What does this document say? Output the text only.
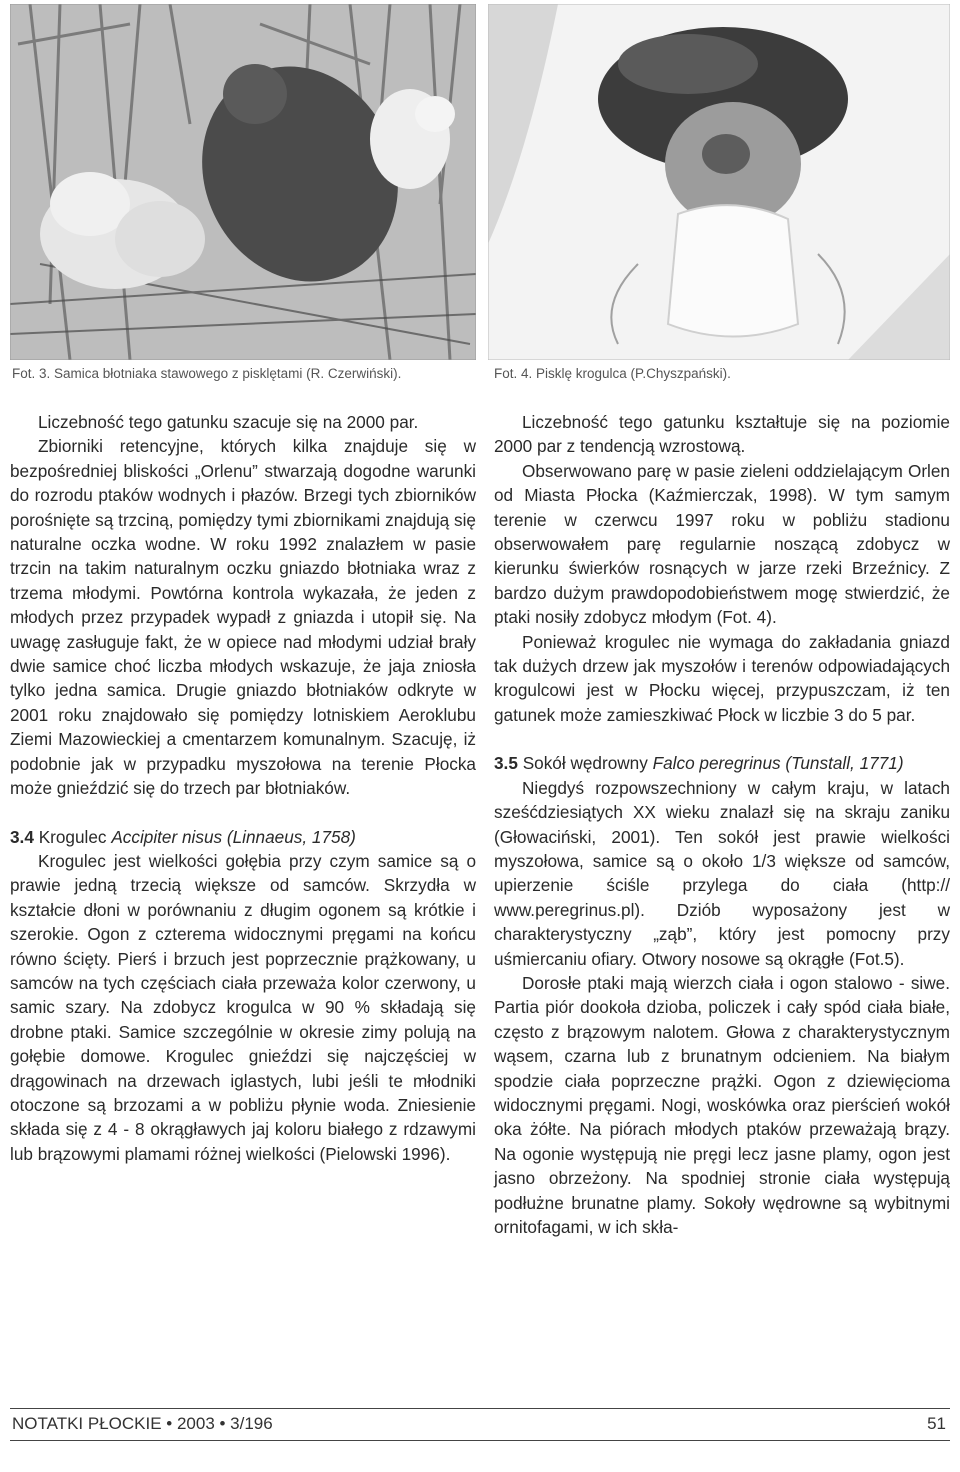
Fot. 3. Samica błotniaka stawowego z pisklętami (R. Czerwiński).	Fot. 4. Pisklę krogulca (P.Chyszpański).

Liczebność tego gatunku szacuje się na 2000 par.

Zbiorniki retencyjne, których kilka znajduje się w bezpośredniej bliskości „Orlenu” stwarzają dogodne warunki do rozrodu ptaków wodnych i płazów. Brzegi tych zbiorników porośnięte są trzciną, pomiędzy tymi zbiornikami znajdują się naturalne oczka wodne. W roku 1992 znalazłem w pasie trzcin na takim naturalnym oczku gniazdo błotniaka wraz z trzema młodymi. Powtórna kontrola wykazała, że jeden z młodych przez przypadek wypadł z gniazda i utopił się. Na uwagę zasługuje fakt, że w opiece nad młodymi udział brały dwie samice choć liczba młodych wskazuje, że jaja zniosła tylko jedna samica. Drugie gniazdo błotniaków odkryte w 2001 roku znajdowało się pomiędzy lotniskiem Aeroklubu Ziemi Mazowieckiej a cmentarzem komunalnym. Szacuję, iż podobnie jak w przypadku myszołowa na terenie Płocka może gnieździć się do trzech par błotniaków.

3.4 Krogulec Accipiter nisus (Linnaeus, 1758)

Krogulec jest wielkości gołębia przy czym samice są o prawie jedną trzecią większe od samców. Skrzydła w kształcie dłoni w porównaniu z długim ogonem są krótkie i szerokie. Ogon z czterema widocznymi pręgami na końcu równo ścięty. Pierś i brzuch jest poprzecznie prążkowany, u samców na tych częściach ciała przeważa kolor czerwony, u samic szary. Na zdobycz krogulca w 90 % składają się drobne ptaki. Samice szczególnie w okresie zimy polują na gołębie domowe. Krogulec gnieździ się najczęściej w drągowinach na drzewach iglastych, lubi jeśli te młodniki otoczone są brzozami a w pobliżu płynie woda. Zniesienie składa się z 4 - 8 okrągławych jaj koloru białego z rdzawymi lub brązowymi plamami różnej wielkości (Pielowski 1996).

Liczebność tego gatunku kształtuje się na poziomie 2000 par z tendencją wzrostową.

Obserwowano parę w pasie zieleni oddzielającym Orlen od Miasta Płocka (Kaźmierczak, 1998). W tym samym terenie w czerwcu 1997 roku w pobliżu stadionu obserwowałem parę regularnie noszącą zdobycz w kierunku świerków rosnących w jarze rzeki Brzeźnicy. Z bardzo dużym prawdopodobieństwem mogę stwierdzić, że ptaki nosiły zdobycz młodym (Fot. 4).

Ponieważ krogulec nie wymaga do zakładania gniazd tak dużych drzew jak myszołów i terenów odpowiadających krogulcowi jest w Płocku więcej, przypuszczam, iż ten gatunek może zamieszkiwać Płock w liczbie 3 do 5 par.

3.5 Sokół wędrowny Falco peregrinus (Tunstall, 1771)

Niegdyś rozpowszechniony w całym kraju, w latach sześćdziesiątych XX wieku znalazł się na skraju zaniku (Głowaciński, 2001). Ten sokół jest prawie wielkości myszołowa, samice są o około 1/3 większe od samców, upierzenie ściśle przylega do ciała (http:// www.peregrinus.pl). Dziób wyposażony jest w charakterystyczny „ząb”, który jest pomocny przy uśmiercaniu ofiary. Otwory nosowe są okrągłe (Fot.5).

Dorosłe ptaki mają wierzch ciała i ogon stalowo - siwe. Partia piór dookoła dzioba, policzek i cały spód ciała białe, często z brązowym nalotem. Głowa z charakterystycznym wąsem, czarna lub z brunatnym odcieniem. Na białym spodzie ciała poprzeczne prążki. Ogon z dziewięcioma widocznymi pręgami. Nogi, woskówka oraz pierścień wokół oka żółte. Na piórach młodych ptaków przeważają brązy. Na ogonie występują nie pręgi lecz jasne plamy, ogon jest jasno obrzeżony. Na spodniej stronie ciała występują podłużne brunatne plamy. Sokoły wędrowne są wybitnymi ornitofagami, w ich skła-

NOTATKI PŁOCKIE • 2003 • 3/196	51
